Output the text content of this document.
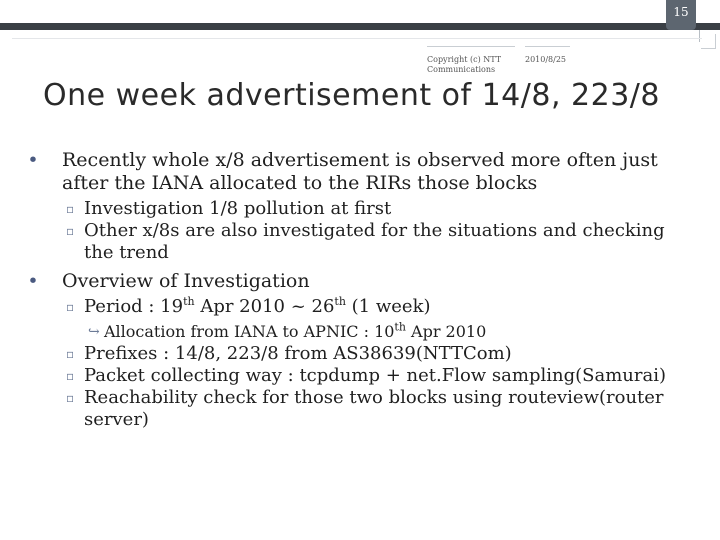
15
Copyright (c) NTT Communications
2010/8/25
One week advertisement of 14/8, 223/8

• Recently whole x/8 advertisement is observed more often just after the IANA allocated to the RIRs those blocks

▫ Investigation 1/8 pollution at first

▫ Other x/8s are also investigated for the situations and checking the trend

• Overview of Investigation

▫ Period : 19th Apr 2010 ~ 26th (1 week)

↪ Allocation from IANA to APNIC : 10th Apr 2010

▫ Prefixes : 14/8, 223/8 from AS38639(NTTCom)

▫ Packet collecting way : tcpdump + net.Flow sampling(Samurai)

▫ Reachability check for those two blocks using routeview(router server)
